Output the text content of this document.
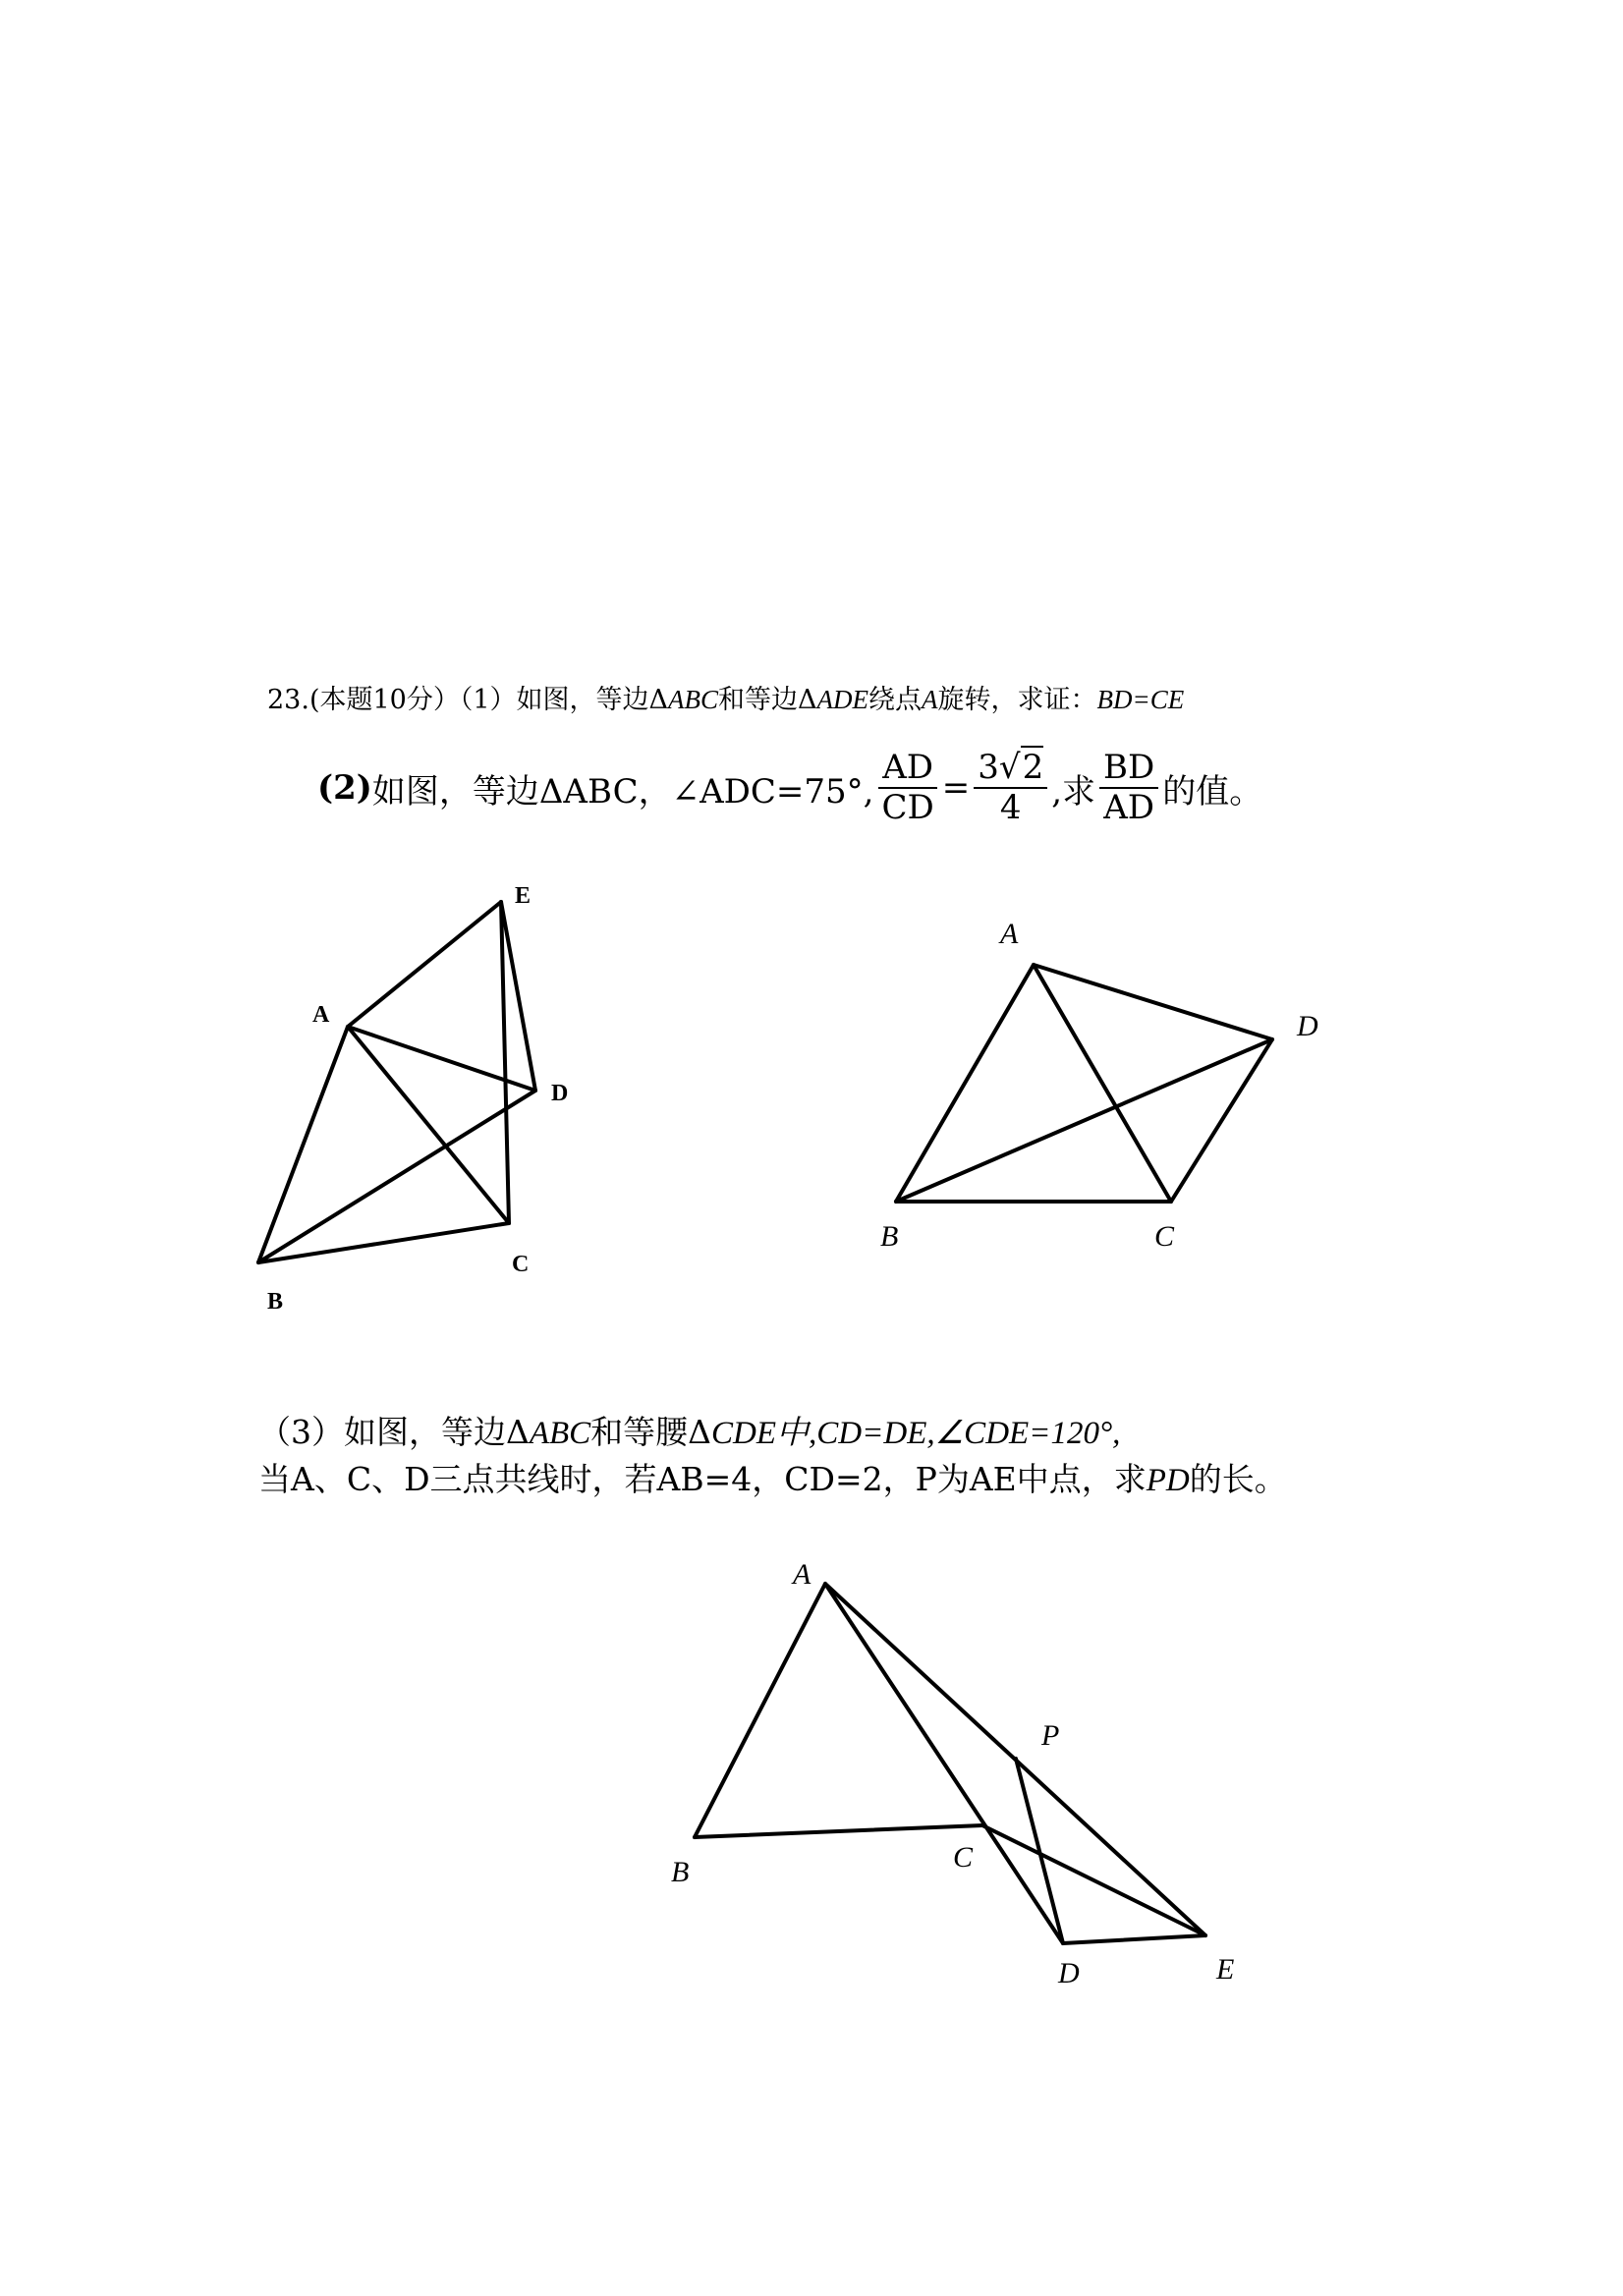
23.(本题10分）（1）如图，等边ΔABC和等边ΔADE绕点A旋转，求证：BD=CE
(2) 如图，等边ΔABC，∠ADC=75°, $\frac{AD}{CD} = \frac{3√2}{4}$ ,求 $\frac{BD}{AD}$ 的值。
A
E
D
C
B
A
D
B	C
（3）如图，等边ΔABC和等腰ΔCDE中,CD=DE,∠CDE=120°,
当A、C、D三点共线时，若AB=4，CD=2，P为AE中点，求PD的长。
A
P
B	C
D	E
